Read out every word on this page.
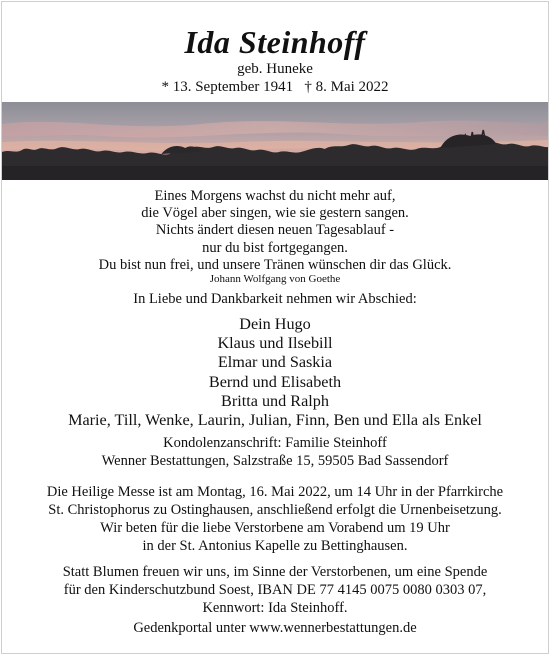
Ida Steinhoff
geb. Huneke
* 13. September 1941   † 8. Mai 2022
Eines Morgens wachst du nicht mehr auf,
die Vögel aber singen, wie sie gestern sangen.
Nichts ändert diesen neuen Tagesablauf -
nur du bist fortgegangen.
Du bist nun frei, und unsere Tränen wünschen dir das Glück.
Johann Wolfgang von Goethe
In Liebe und Dankbarkeit nehmen wir Abschied:
Dein Hugo
Klaus und Ilsebill
Elmar und Saskia
Bernd und Elisabeth
Britta und Ralph
Marie, Till, Wenke, Laurin, Julian, Finn, Ben und Ella als Enkel
Kondolenzanschrift: Familie Steinhoff
Wenner Bestattungen, Salzstraße 15, 59505 Bad Sassendorf
Die Heilige Messe ist am Montag, 16. Mai 2022, um 14 Uhr in der Pfarrkirche
St. Christophorus zu Ostinghausen, anschließend erfolgt die Urnenbeisetzung.
Wir beten für die liebe Verstorbene am Vorabend um 19 Uhr
in der St. Antonius Kapelle zu Bettinghausen.
Statt Blumen freuen wir uns, im Sinne der Verstorbenen, um eine Spende
für den Kinderschutzbund Soest, IBAN DE 77 4145 0075 0080 0303 07,
Kennwort: Ida Steinhoff.
Gedenkportal unter www.wennerbestattungen.de
